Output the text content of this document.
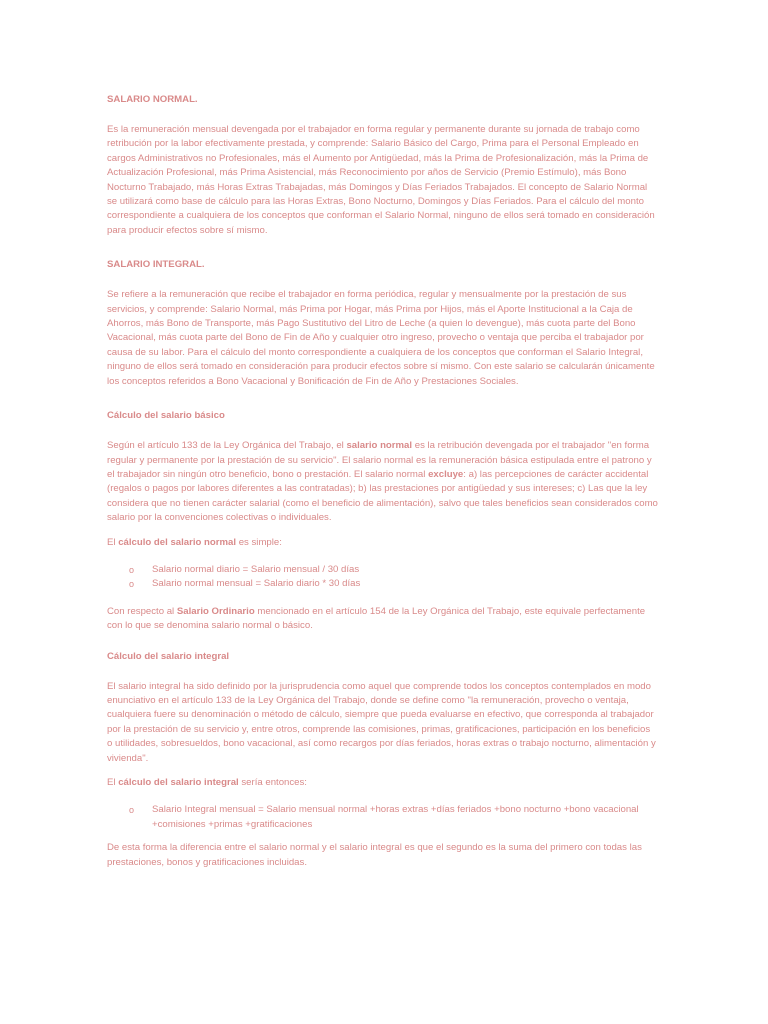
SALARIO NORMAL.

Es la remuneración mensual devengada por el trabajador en forma regular y permanente durante su jornada de trabajo como retribución por la labor efectivamente prestada, y comprende: Salario Básico del Cargo, Prima para el Personal Empleado en cargos Administrativos no Profesionales, más el Aumento por Antigüedad, más la Prima de Profesionalización, más la Prima de Actualización Profesional, más Prima Asistencial, más Reconocimiento por años de Servicio (Premio Estímulo), más Bono Nocturno Trabajado, más Horas Extras Trabajadas, más Domingos y Días Feriados Trabajados. El concepto de Salario Normal se utilizará como base de cálculo para las Horas Extras, Bono Nocturno, Domingos y Días Feriados. Para el cálculo del monto correspondiente a cualquiera de los conceptos que conforman el Salario Normal, ninguno de ellos será tomado en consideración para producir efectos sobre sí mismo.

SALARIO INTEGRAL.

Se refiere a la remuneración que recibe el trabajador en forma periódica, regular y mensualmente por la prestación de sus servicios, y comprende: Salario Normal, más Prima por Hogar, más Prima por Hijos, más el Aporte Institucional a la Caja de Ahorros, más Bono de Transporte, más Pago Sustitutivo del Litro de Leche (a quien lo devengue), más cuota parte del Bono Vacacional, más cuota parte del Bono de Fin de Año y cualquier otro ingreso, provecho o ventaja que perciba el trabajador por causa de su labor. Para el cálculo del monto correspondiente a cualquiera de los conceptos que conforman el Salario Integral, ninguno de ellos será tomado en consideración para producir efectos sobre sí mismo. Con este salario se calcularán únicamente los conceptos referidos a Bono Vacacional y Bonificación de Fin de Año y Prestaciones Sociales.

Cálculo del salario básico

Según el artículo 133 de la Ley Orgánica del Trabajo, el salario normal es la retribución devengada por el trabajador "en forma regular y permanente por la prestación de su servicio". El salario normal es la remuneración básica estipulada entre el patrono y el trabajador sin ningún otro beneficio, bono o prestación. El salario normal excluye: a) las percepciones de carácter accidental (regalos o pagos por labores diferentes a las contratadas); b) las prestaciones por antigüedad y sus intereses; c) Las que la ley considera que no tienen carácter salarial (como el beneficio de alimentación), salvo que tales beneficios sean considerados como salario por la convenciones colectivas o individuales.

El cálculo del salario normal es simple:

o Salario normal diario = Salario mensual / 30 días
o Salario normal mensual = Salario diario * 30 días

Con respecto al Salario Ordinario mencionado en el artículo 154 de la Ley Orgánica del Trabajo, este equivale perfectamente con lo que se denomina salario normal o básico.

Cálculo del salario integral

El salario integral ha sido definido por la jurisprudencia como aquel que comprende todos los conceptos contemplados en modo enunciativo en el artículo 133 de la Ley Orgánica del Trabajo, donde se define como "la remuneración, provecho o ventaja, cualquiera fuere su denominación o método de cálculo, siempre que pueda evaluarse en efectivo, que corresponda al trabajador por la prestación de su servicio y, entre otros, comprende las comisiones, primas, gratificaciones, participación en los beneficios o utilidades, sobresueldos, bono vacacional, así como recargos por días feriados, horas extras o trabajo nocturno, alimentación y vivienda".

El cálculo del salario integral sería entonces:

o Salario Integral mensual = Salario mensual normal +horas extras +días feriados +bono nocturno +bono vacacional +comisiones +primas +gratificaciones

De esta forma la diferencia entre el salario normal y el salario integral es que el segundo es la suma del primero con todas las prestaciones, bonos y gratificaciones incluidas.
